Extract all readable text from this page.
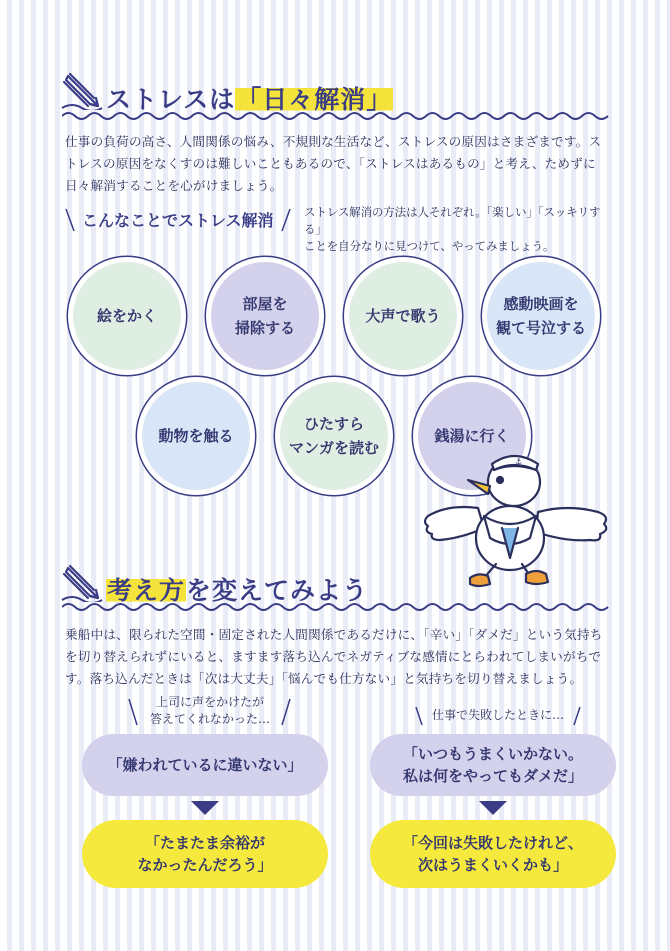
ストレスは「日々解消」
仕事の負荷の高さ、人間関係の悩み、不規則な生活など、ストレスの原因はさまざまです。ストレスの原因をなくすのは難しいこともあるので、「ストレスはあるもの」と考え、ためずに日々解消することを心がけましょう。
こんなことでストレス解消	ストレス解消の方法は人それぞれ。「楽しい」「スッキリする」
ことを自分なりに見つけて、やってみましょう。
絵をかく
部屋を
掃除する
大声で歌う
感動映画を
観て号泣する
動物を触る
ひたすら
マンガを読む
銭湯に行く
⚓
考え方を変えてみよう
乗船中は、限られた空間・固定された人間関係であるだけに、「辛い」「ダメだ」という気持ちを切り替えられずにいると、ますます落ち込んでネガティブな感情にとらわれてしまいがちです。落ち込んだときは「次は大丈夫」「悩んでも仕方ない」と気持ちを切り替えましょう。
上司に声をかけたが
答えてくれなかった…
「嫌われているに違いない」
「たまたま余裕が
なかったんだろう」
仕事で失敗したときに…
「いつもうまくいかない。
私は何をやってもダメだ」
「今回は失敗したけれど、
次はうまくいくかも」
